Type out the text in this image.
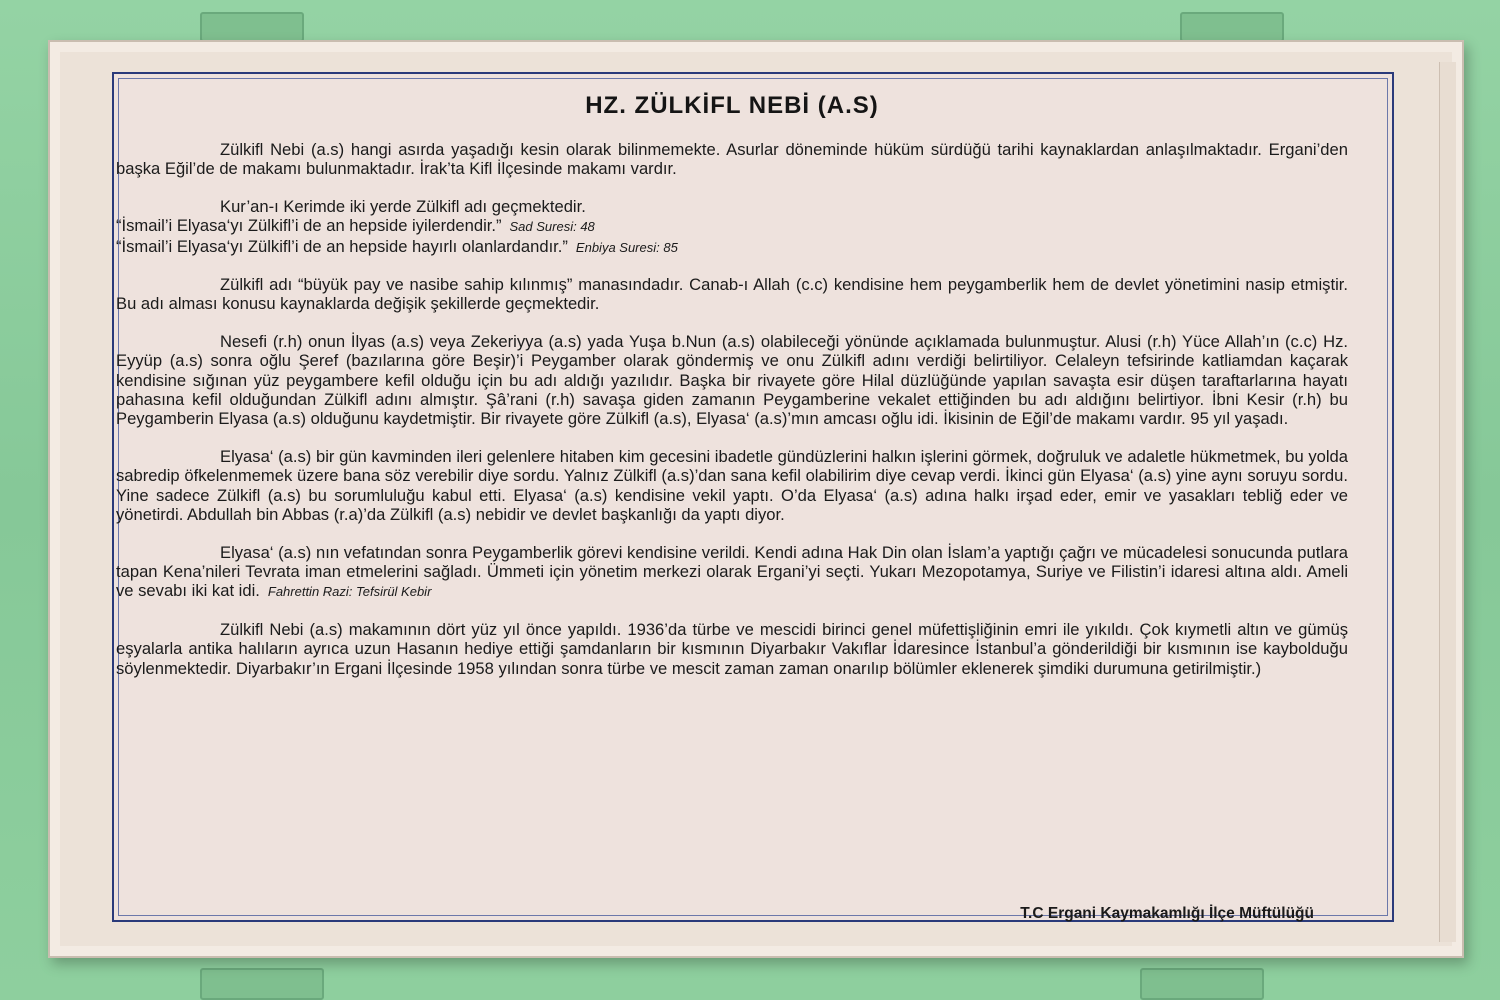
HZ. ZÜLKİFL NEBİ (A.S)

Zülkifl Nebi (a.s) hangi asırda yaşadığı kesin olarak bilinmemekte. Asurlar döneminde hüküm sürdüğü tarihi kaynaklardan anlaşılmaktadır. Ergani’den başka Eğil’de de makamı bulunmaktadır. İrak’ta Kifl İlçesinde makamı vardır.

Kur’an-ı Kerimde iki yerde Zülkifl adı geçmektedir.
“İsmail’i Elyasa‘yı Zülkifl’i de an hepside iyilerdendir.” Sad Suresi: 48
“İsmail’i Elyasa‘yı Zülkifl’i de an hepside hayırlı olanlardandır.” Enbiya Suresi: 85

Zülkifl adı “büyük pay ve nasibe sahip kılınmış” manasındadır. Canab-ı Allah (c.c) kendisine hem peygamberlik hem de devlet yönetimini nasip etmiştir. Bu adı alması konusu kaynaklarda değişik şekillerde geçmektedir.

Nesefi (r.h) onun İlyas (a.s) veya Zekeriyya (a.s) yada Yuşa b.Nun (a.s) olabileceği yönünde açıklamada bulunmuştur. Alusi (r.h) Yüce Allah’ın (c.c) Hz. Eyyüp (a.s) sonra oğlu Şeref (bazılarına göre Beşir)’i Peygamber olarak göndermiş ve onu Zülkifl adını verdiği belirtiliyor. Celaleyn tefsirinde katliamdan kaçarak kendisine sığınan yüz peygambere kefil olduğu için bu adı aldığı yazılıdır. Başka bir rivayete göre Hilal düzlüğünde yapılan savaşta esir düşen taraftarlarına hayatı pahasına kefil olduğundan Zülkifl adını almıştır. Şâ’rani (r.h) savaşa giden zamanın Peygamberine vekalet ettiğinden bu adı aldığını belirtiyor. İbni Kesir (r.h) bu Peygamberin Elyasa (a.s) olduğunu kaydetmiştir. Bir rivayete göre Zülkifl (a.s), Elyasa‘ (a.s)’mın amcası oğlu idi. İkisinin de Eğil’de makamı vardır. 95 yıl yaşadı.

Elyasa‘ (a.s) bir gün kavminden ileri gelenlere hitaben kim gecesini ibadetle gündüzlerini halkın işlerini görmek, doğruluk ve adaletle hükmetmek, bu yolda sabredip öfkelenmemek üzere bana söz verebilir diye sordu. Yalnız Zülkifl (a.s)’dan sana kefil olabilirim diye cevap verdi. İkinci gün Elyasa‘ (a.s) yine aynı soruyu sordu. Yine sadece Zülkifl (a.s) bu sorumluluğu kabul etti. Elyasa‘ (a.s) kendisine vekil yaptı. O’da Elyasa‘ (a.s) adına halkı irşad eder, emir ve yasakları tebliğ eder ve yönetirdi. Abdullah bin Abbas (r.a)’da Zülkifl (a.s) nebidir ve devlet başkanlığı da yaptı diyor.

Elyasa‘ (a.s) nın vefatından sonra Peygamberlik görevi kendisine verildi. Kendi adına Hak Din olan İslam’a yaptığı çağrı ve mücadelesi sonucunda putlara tapan Kena’nileri Tevrata iman etmelerini sağladı. Ümmeti için yönetim merkezi olarak Ergani’yi seçti. Yukarı Mezopotamya, Suriye ve Filistin’i idaresi altına aldı. Ameli ve sevabı iki kat idi. Fahrettin Razi: Tefsirül Kebir

Zülkifl Nebi (a.s) makamının dört yüz yıl önce yapıldı. 1936’da türbe ve mescidi birinci genel müfettişliğinin emri ile yıkıldı. Çok kıymetli altın ve gümüş eşyalarla antika halıların ayrıca uzun Hasanın hediye ettiği şamdanların bir kısmının Diyarbakır Vakıflar İdaresince İstanbul’a gönderildiği bir kısmının ise kaybolduğu söylenmektedir. Diyarbakır’ın Ergani İlçesinde 1958 yılından sonra türbe ve mescit zaman zaman onarılıp bölümler eklenerek şimdiki durumuna getirilmiştir.)

T.C Ergani Kaymakamlığı İlçe Müftülüğü
